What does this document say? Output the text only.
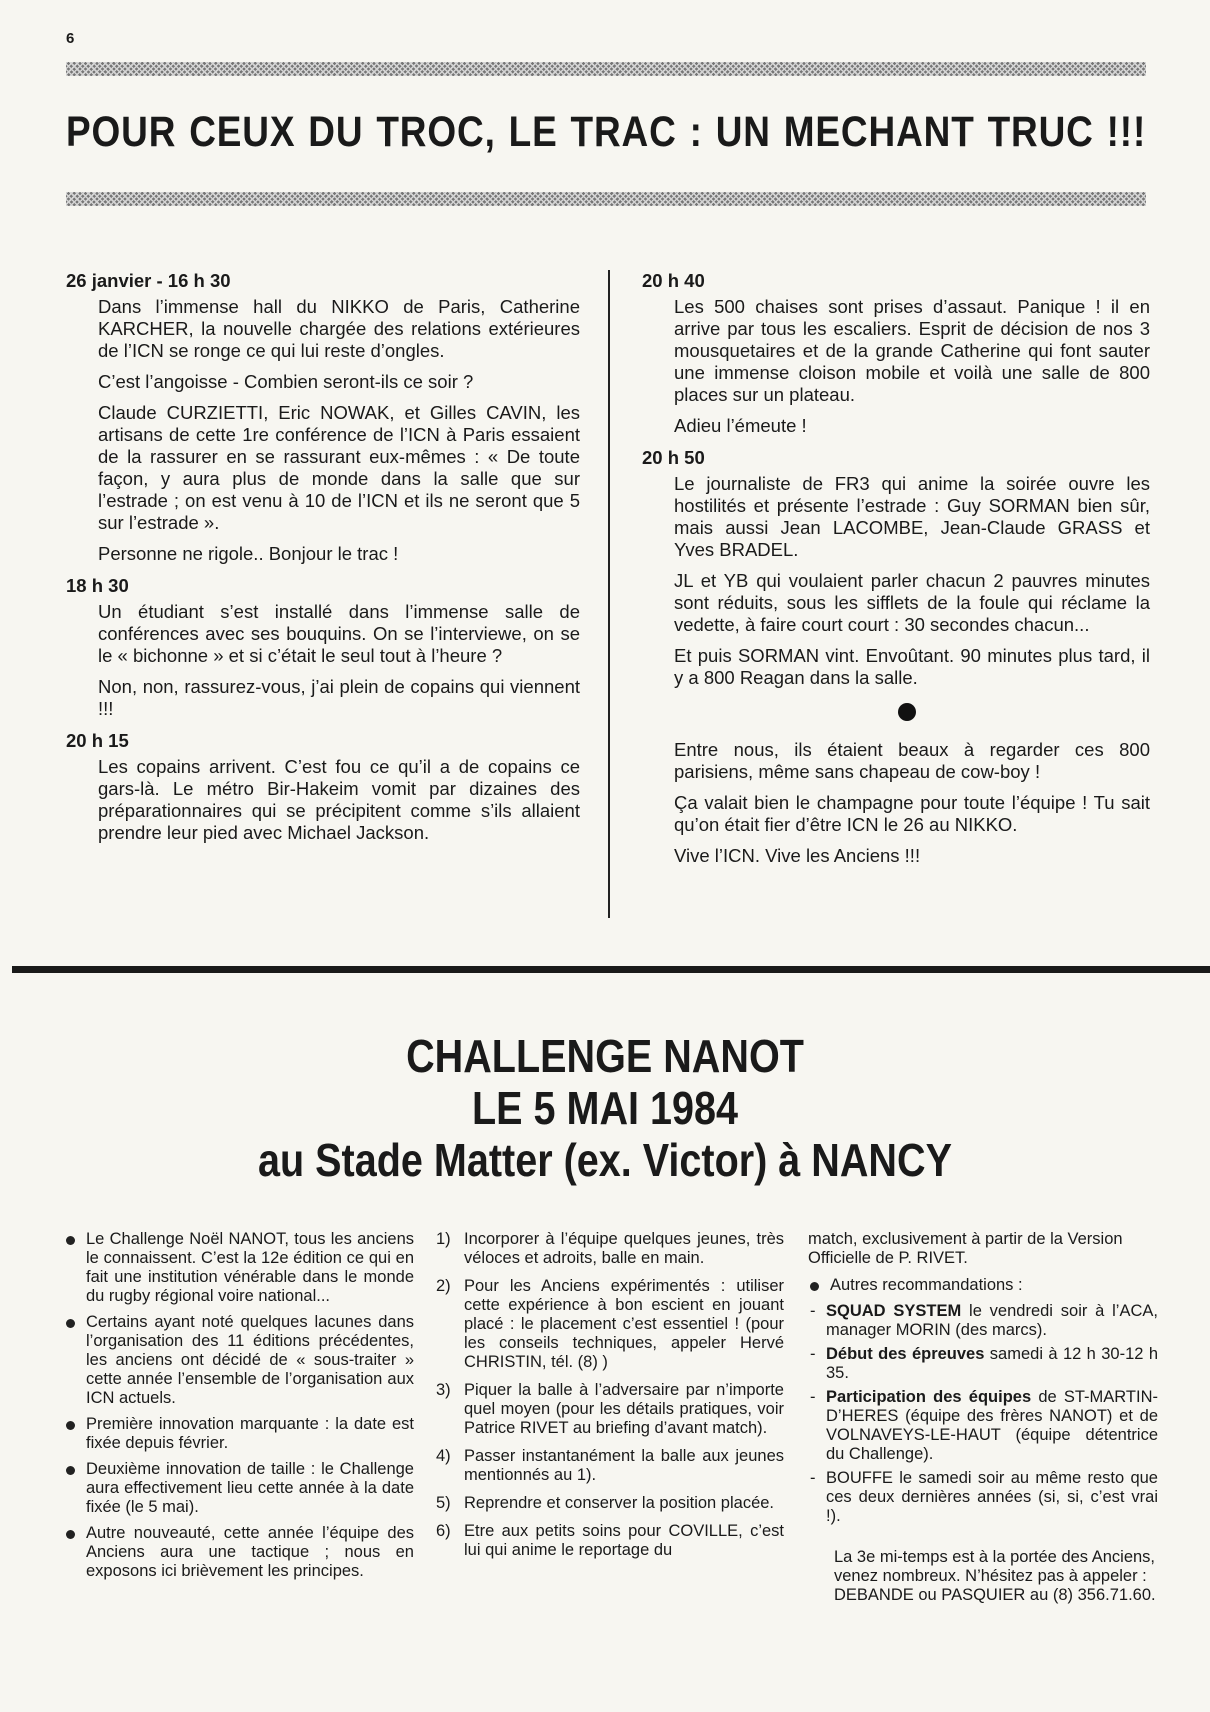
6
POUR CEUX DU TROC, LE TRAC : UN MECHANT TRUC !!!
26 janvier - 16 h 30

Dans l’immense hall du NIKKO de Paris, Catherine KARCHER, la nouvelle chargée des relations extérieures de l’ICN se ronge ce qui lui reste d’ongles.

C’est l’angoisse - Combien seront-ils ce soir ?

Claude CURZIETTI, Eric NOWAK, et Gilles CAVIN, les artisans de cette 1re conférence de l’ICN à Paris essaient de la rassurer en se rassurant eux-mêmes : « De toute façon, y aura plus de monde dans la salle que sur l’estrade ; on est venu à 10 de l’ICN et ils ne seront que 5 sur l’estrade ».

Personne ne rigole.. Bonjour le trac !

18 h 30

Un étudiant s’est installé dans l’immense salle de conférences avec ses bouquins. On se l’interviewe, on se le « bichonne » et si c’était le seul tout à l’heure ?

Non, non, rassurez-vous, j’ai plein de copains qui viennent !!!

20 h 15

Les copains arrivent. C’est fou ce qu’il a de copains ce gars-là. Le métro Bir-Hakeim vomit par dizaines des préparationnaires qui se précipitent comme s’ils allaient prendre leur pied avec Michael Jackson.

20 h 40

Les 500 chaises sont prises d’assaut. Panique ! il en arrive par tous les escaliers. Esprit de décision de nos 3 mousquetaires et de la grande Catherine qui font sauter une immense cloison mobile et voilà une salle de 800 places sur un plateau.

Adieu l’émeute !

20 h 50

Le journaliste de FR3 qui anime la soirée ouvre les hostilités et présente l’estrade : Guy SORMAN bien sûr, mais aussi Jean LACOMBE, Jean-Claude GRASS et Yves BRADEL.

JL et YB qui voulaient parler chacun 2 pauvres minutes sont réduits, sous les sifflets de la foule qui réclame la vedette, à faire court court : 30 secondes chacun...

Et puis SORMAN vint. Envoûtant. 90 minutes plus tard, il y a 800 Reagan dans la salle.

Entre nous, ils étaient beaux à regarder ces 800 parisiens, même sans chapeau de cow-boy !

Ça valait bien le champagne pour toute l’équipe ! Tu sait qu’on était fier d’être ICN le 26 au NIKKO.

Vive l’ICN. Vive les Anciens !!!

CHALLENGE NANOT
LE 5 MAI 1984
au Stade Matter (ex. Victor) à NANCY
Le Challenge Noël NANOT, tous les anciens le connaissent. C’est la 12e édition ce qui en fait une institution vénérable dans le monde du rugby régional voire national...
Certains ayant noté quelques lacunes dans l’organisation des 11 éditions précédentes, les anciens ont décidé de « sous-traiter » cette année l’ensemble de l’organisation aux ICN actuels.
Première innovation marquante : la date est fixée depuis février.
Deuxième innovation de taille : le Challenge aura effectivement lieu cette année à la date fixée (le 5 mai).
Autre nouveauté, cette année l’équipe des Anciens aura une tactique ; nous en exposons ici brièvement les principes.
1) Incorporer à l’équipe quelques jeunes, très véloces et adroits, balle en main.
2) Pour les Anciens expérimentés : utiliser cette expérience à bon escient en jouant placé : le placement c’est essentiel ! (pour les conseils techniques, appeler Hervé CHRISTIN, tél. (8) )
3) Piquer la balle à l’adversaire par n’importe quel moyen (pour les détails pratiques, voir Patrice RIVET au briefing d’avant match).
4) Passer instantanément la balle aux jeunes mentionnés au 1).
5) Reprendre et conserver la position placée.
6) Etre aux petits soins pour COVILLE, c’est lui qui anime le reportage du

match, exclusivement à partir de la Version Officielle de P. RIVET.

Autres recommandations :
- SQUAD SYSTEM le vendredi soir à l’ACA, manager MORIN (des marcs).
- Début des épreuves samedi à 12 h 30-12 h 35.
- Participation des équipes de ST-MARTIN-D’HERES (équipe des frères NANOT) et de VOLNAVEYS-LE-HAUT (équipe détentrice du Challenge).
- BOUFFE le samedi soir au même resto que ces deux dernières années (si, si, c’est vrai !).

La 3e mi-temps est à la portée des Anciens, venez nombreux. N’hésitez pas à appeler : DEBANDE ou PASQUIER au (8) 356.71.60.
